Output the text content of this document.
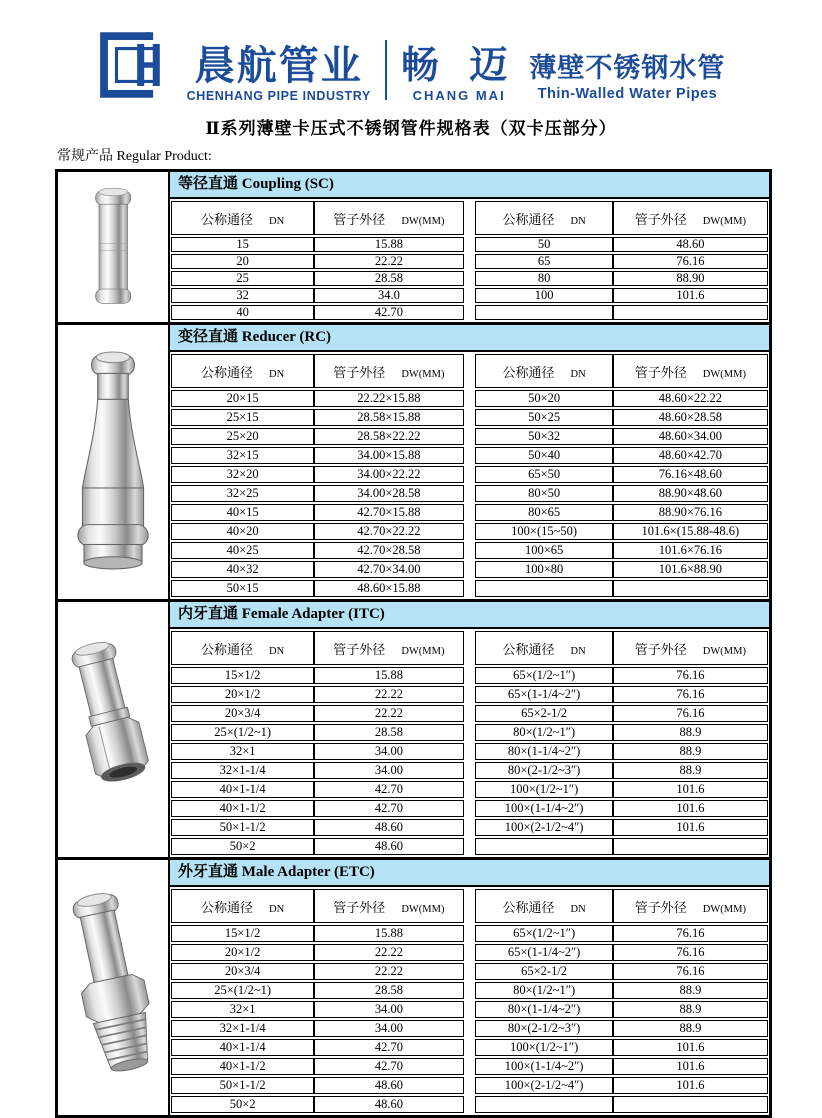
晨航管业
CHENHANG PIPE INDUSTRY
畅 迈
CHANG MAI
薄壁不锈钢水管
Thin-Walled Water Pipes
Ⅱ系列薄壁卡压式不锈钢管件规格表（双卡压部分）
常规产品 Regular Product:
等径直通 Coupling (SC)
公称通径 DN	管子外径 DW(MM)		公称通径 DN	管子外径 DW(MM)
15	15.88		50	48.60
20	22.22		65	76.16
25	28.58		80	88.90
32	34.0		100	101.6
40	42.70			
变径直通 Reducer (RC)
公称通径 DN	管子外径 DW(MM)		公称通径 DN	管子外径 DW(MM)
20×15	22.22×15.88		50×20	48.60×22.22
25×15	28.58×15.88		50×25	48.60×28.58
25×20	28.58×22.22		50×32	48.60×34.00
32×15	34.00×15.88		50×40	48.60×42.70
32×20	34.00×22.22		65×50	76.16×48.60
32×25	34.00×28.58		80×50	88.90×48.60
40×15	42.70×15.88		80×65	88.90×76.16
40×20	42.70×22.22		100×(15~50)	101.6×(15.88-48.6)
40×25	42.70×28.58		100×65	101.6×76.16
40×32	42.70×34.00		100×80	101.6×88.90
50×15	48.60×15.88			
内牙直通 Female Adapter (ITC)
公称通径 DN	管子外径 DW(MM)		公称通径 DN	管子外径 DW(MM)
15×1/2	15.88		65×(1/2~1″)	76.16
20×1/2	22.22		65×(1-1/4~2″)	76.16
20×3/4	22.22		65×2-1/2	76.16
25×(1/2~1)	28.58		80×(1/2~1″)	88.9
32×1	34.00		80×(1-1/4~2″)	88.9
32×1-1/4	34.00		80×(2-1/2~3″)	88.9
40×1-1/4	42.70		100×(1/2~1″)	101.6
40×1-1/2	42.70		100×(1-1/4~2″)	101.6
50×1-1/2	48.60		100×(2-1/2~4″)	101.6
50×2	48.60			
外牙直通 Male Adapter (ETC)
公称通径 DN	管子外径 DW(MM)		公称通径 DN	管子外径 DW(MM)
15×1/2	15.88		65×(1/2~1″)	76.16
20×1/2	22.22		65×(1-1/4~2″)	76.16
20×3/4	22.22		65×2-1/2	76.16
25×(1/2~1)	28.58		80×(1/2~1″)	88.9
32×1	34.00		80×(1-1/4~2″)	88.9
32×1-1/4	34.00		80×(2-1/2~3″)	88.9
40×1-1/4	42.70		100×(1/2~1″)	101.6
40×1-1/2	42.70		100×(1-1/4~2″)	101.6
50×1-1/2	48.60		100×(2-1/2~4″)	101.6
50×2	48.60			
